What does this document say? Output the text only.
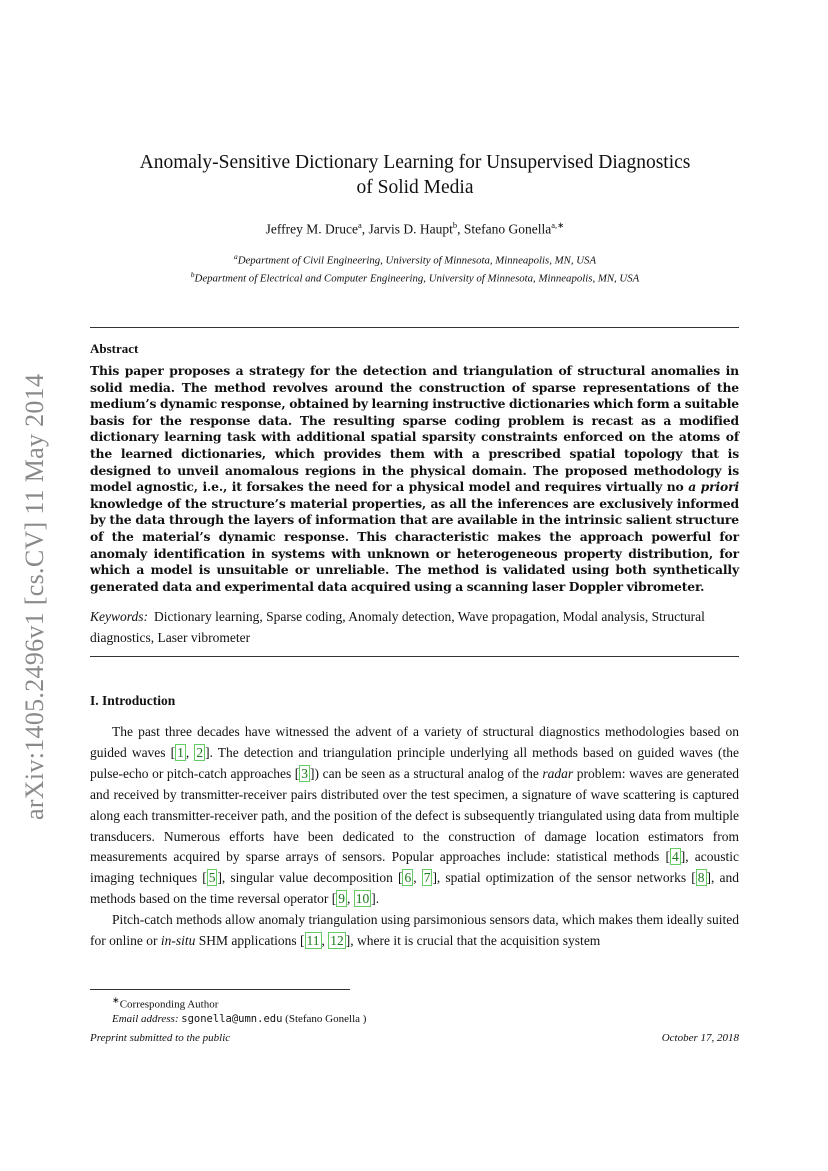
arXiv:1405.2496v1 [cs.CV] 11 May 2014
Anomaly-Sensitive Dictionary Learning for Unsupervised Diagnostics
of Solid Media
Jeffrey M. Druce$^a$, Jarvis D. Haupt$^b$, Stefano Gonella$^{a,∗}$
$^a$Department of Civil Engineering, University of Minnesota, Minneapolis, MN, USA
$^b$Department of Electrical and Computer Engineering, University of Minnesota, Minneapolis, MN, USA
Abstract
This paper proposes a strategy for the detection and triangulation of structural anomalies in solid media. The method revolves around the construction of sparse representations of the medium’s dynamic response, obtained by learning instructive dictionaries which form a suitable basis for the response data. The resulting sparse coding problem is recast as a modified dictionary learning task with additional spatial sparsity constraints enforced on the atoms of the learned dictionaries, which provides them with a prescribed spatial topology that is designed to unveil anomalous regions in the physical domain. The proposed methodology is model agnostic, i.e., it forsakes the need for a physical model and requires virtually no a priori knowledge of the structure’s material properties, as all the inferences are exclusively informed by the data through the layers of information that are available in the intrinsic salient structure of the material’s dynamic response. This characteristic makes the approach powerful for anomaly identification in systems with unknown or heterogeneous property distribution, for which a model is unsuitable or unreliable. The method is validated using both synthetically generated data and experimental data acquired using a scanning laser Doppler vibrometer.
Keywords: Dictionary learning, Sparse coding, Anomaly detection, Wave propagation, Modal analysis, Structural diagnostics, Laser vibrometer
I. Introduction

The past three decades have witnessed the advent of a variety of structural diagnostics methodologies based on guided waves [ 1 , 2 ]. The detection and triangulation principle underlying all methods based on guided waves (the pulse-echo or pitch-catch approaches [ 3 ]) can be seen as a structural analog of the radar problem: waves are generated and received by transmitter-receiver pairs distributed over the test specimen, a signature of wave scattering is captured along each transmitter-receiver path, and the position of the defect is subsequently triangulated using data from multiple transducers. Numerous efforts have been dedicated to the construction of damage location estimators from measurements acquired by sparse arrays of sensors. Popular approaches include: statistical methods [ 4 ], acoustic imaging techniques [ 5 ], singular value decomposition [ 6 , 7 ], spatial optimization of the sensor networks [ 8 ], and methods based on the time reversal operator [ 9 , 10 ].

Pitch-catch methods allow anomaly triangulation using parsimonious sensors data, which makes them ideally suited for online or in-situ SHM applications [ 11 , 12 ], where it is crucial that the acquisition system

∗Corresponding Author
Email address: sgonella@umn.edu (Stefano Gonella )
Preprint submitted to the public	October 17, 2018
